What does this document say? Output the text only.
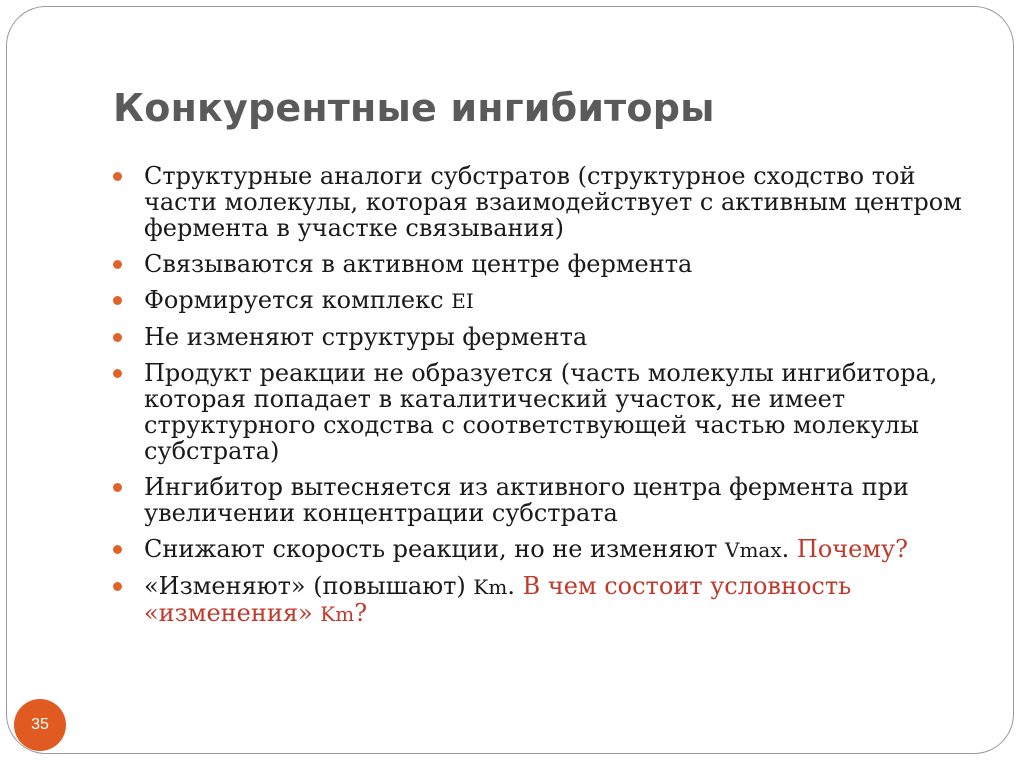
Конкурентные ингибиторы
Структурные аналоги субстратов (структурное сходство той части молекулы, которая взаимодействует с активным центром фермента в участке связывания)
Связываются в активном центре фермента
Формируется комплекс EI
Не изменяют структуры фермента
Продукт реакции не образуется (часть молекулы ингибитора, которая попадает в каталитический участок, не имеет структурного сходства с соответствующей частью молекулы субстрата)
Ингибитор вытесняется из активного центра фермента при увеличении концентрации субстрата
Снижают скорость реакции, но не изменяют Vmax. Почему?
«Изменяют» (повышают) Km. В чем состоит условность «изменения» Km?
35
